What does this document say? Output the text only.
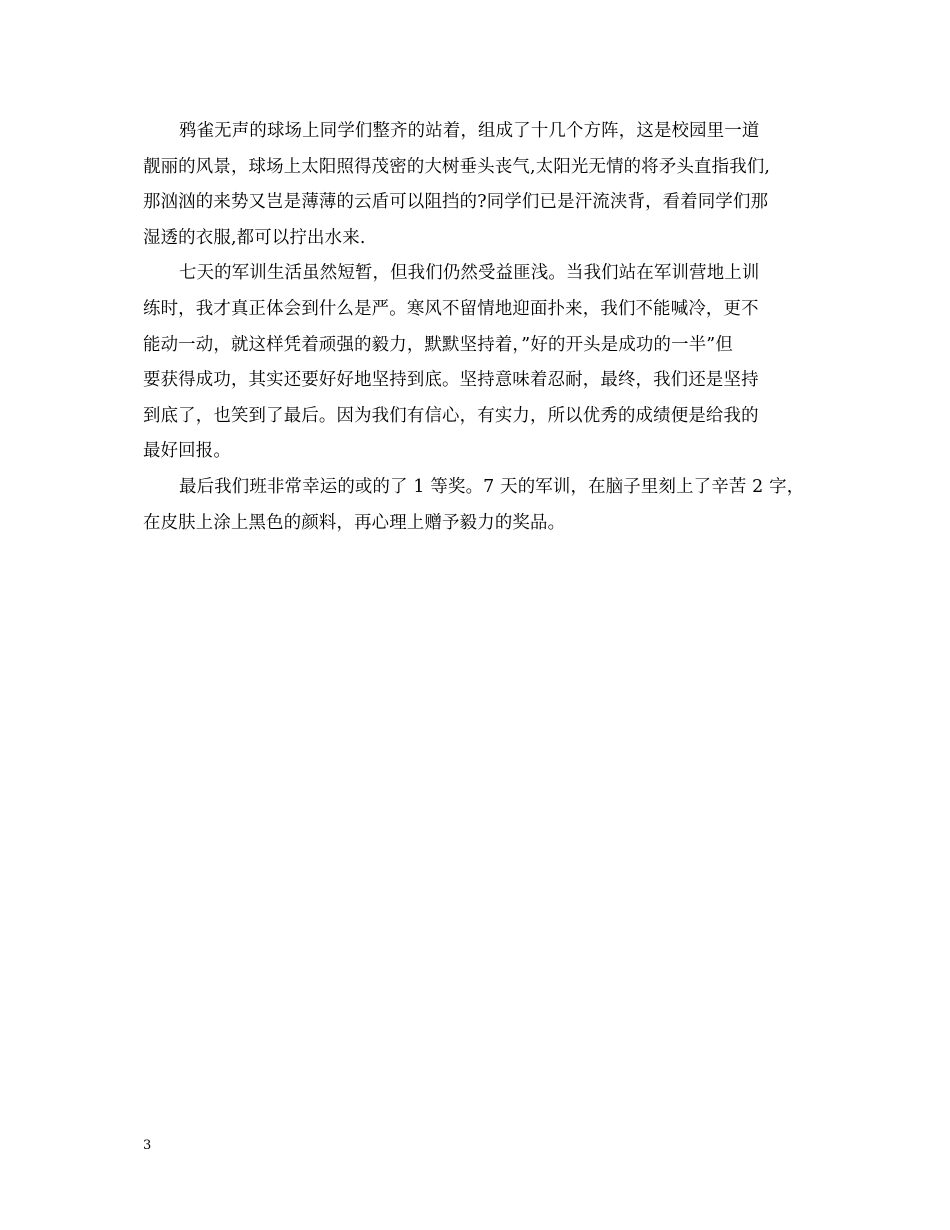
鸦雀无声的球场上同学们整齐的站着，组成了十几个方阵，这是校园里一道
靓丽的风景，球场上太阳照得茂密的大树垂头丧气,太阳光无情的将矛头直指我们,
那汹汹的来势又岂是薄薄的云盾可以阻挡的?同学们已是汗流浃背，看着同学们那
湿透的衣服,都可以拧出水来.

七天的军训生活虽然短暂，但我们仍然受益匪浅。当我们站在军训营地上训
练时，我才真正体会到什么是严。寒风不留情地迎面扑来，我们不能喊冷，更不
能动一动，就这样凭着顽强的毅力，默默坚持着，”好的开头是成功的一半”但
要获得成功，其实还要好好地坚持到底。坚持意味着忍耐，最终，我们还是坚持
到底了，也笑到了最后。因为我们有信心，有实力，所以优秀的成绩便是给我的
最好回报。

最后我们班非常幸运的或的了 1 等奖。7 天的军训，在脑子里刻上了辛苦 2 字，
在皮肤上涂上黑色的颜料，再心理上赠予毅力的奖品。

3
